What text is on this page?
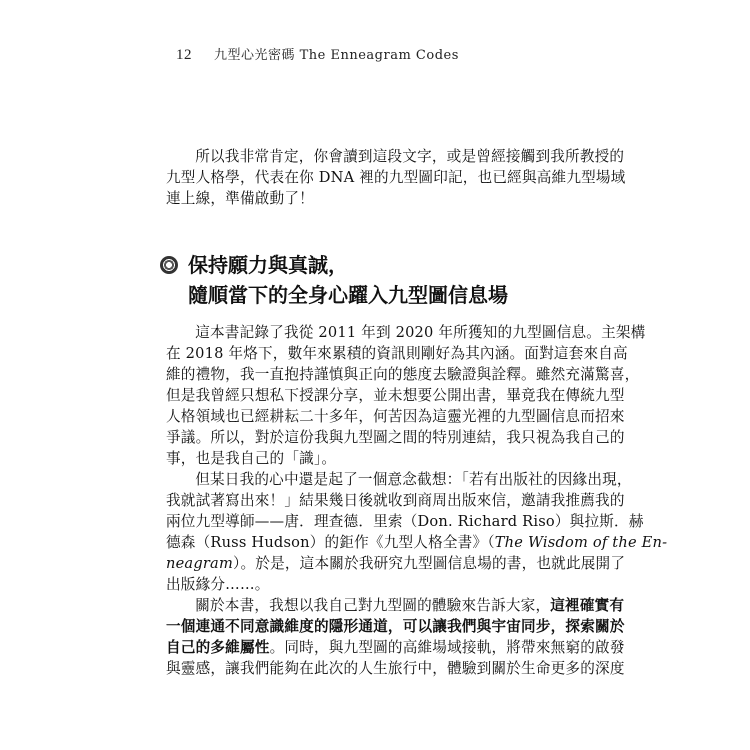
12 九型心光密碼 The Enneagram Codes
所以我非常肯定，你會讀到這段文字，或是曾經接觸到我所教授的
九型人格學，代表在你 DNA 裡的九型圖印記，也已經與高維九型場域
連上線，準備啟動了！
保持願力與真誠，
隨順當下的全身心躍入九型圖信息場
這本書記錄了我從 2011 年到 2020 年所獲知的九型圖信息。主架構
在 2018 年烙下，數年來累積的資訊則剛好為其內涵。面對這套來自高
維的禮物，我一直抱持謹慎與正向的態度去驗證與詮釋。雖然充滿驚喜，
但是我曾經只想私下授課分享，並未想要公開出書，畢竟我在傳統九型
人格領域也已經耕耘二十多年，何苦因為這靈光裡的九型圖信息而招來
爭議。所以，對於這份我與九型圖之間的特別連結，我只視為我自己的
事，也是我自己的「識」。
但某日我的心中還是起了一個意念截想：「若有出版社的因緣出現，
我就試著寫出來！」結果幾日後就收到商周出版來信，邀請我推薦我的
兩位九型導師——唐．理查德．里索（Don. Richard Riso）與拉斯．赫
德森（Russ Hudson）的鉅作《九型人格全書》（The Wisdom of the En-
neagram）。於是，這本關於我研究九型圖信息場的書，也就此展開了
出版緣分……。
關於本書，我想以我自己對九型圖的體驗來告訴大家，這裡確實有
一個連通不同意識維度的隱形通道，可以讓我們與宇宙同步，探索關於
自己的多維屬性。同時，與九型圖的高維場域接軌，將帶來無窮的啟發
與靈感，讓我們能夠在此次的人生旅行中，體驗到關於生命更多的深度
